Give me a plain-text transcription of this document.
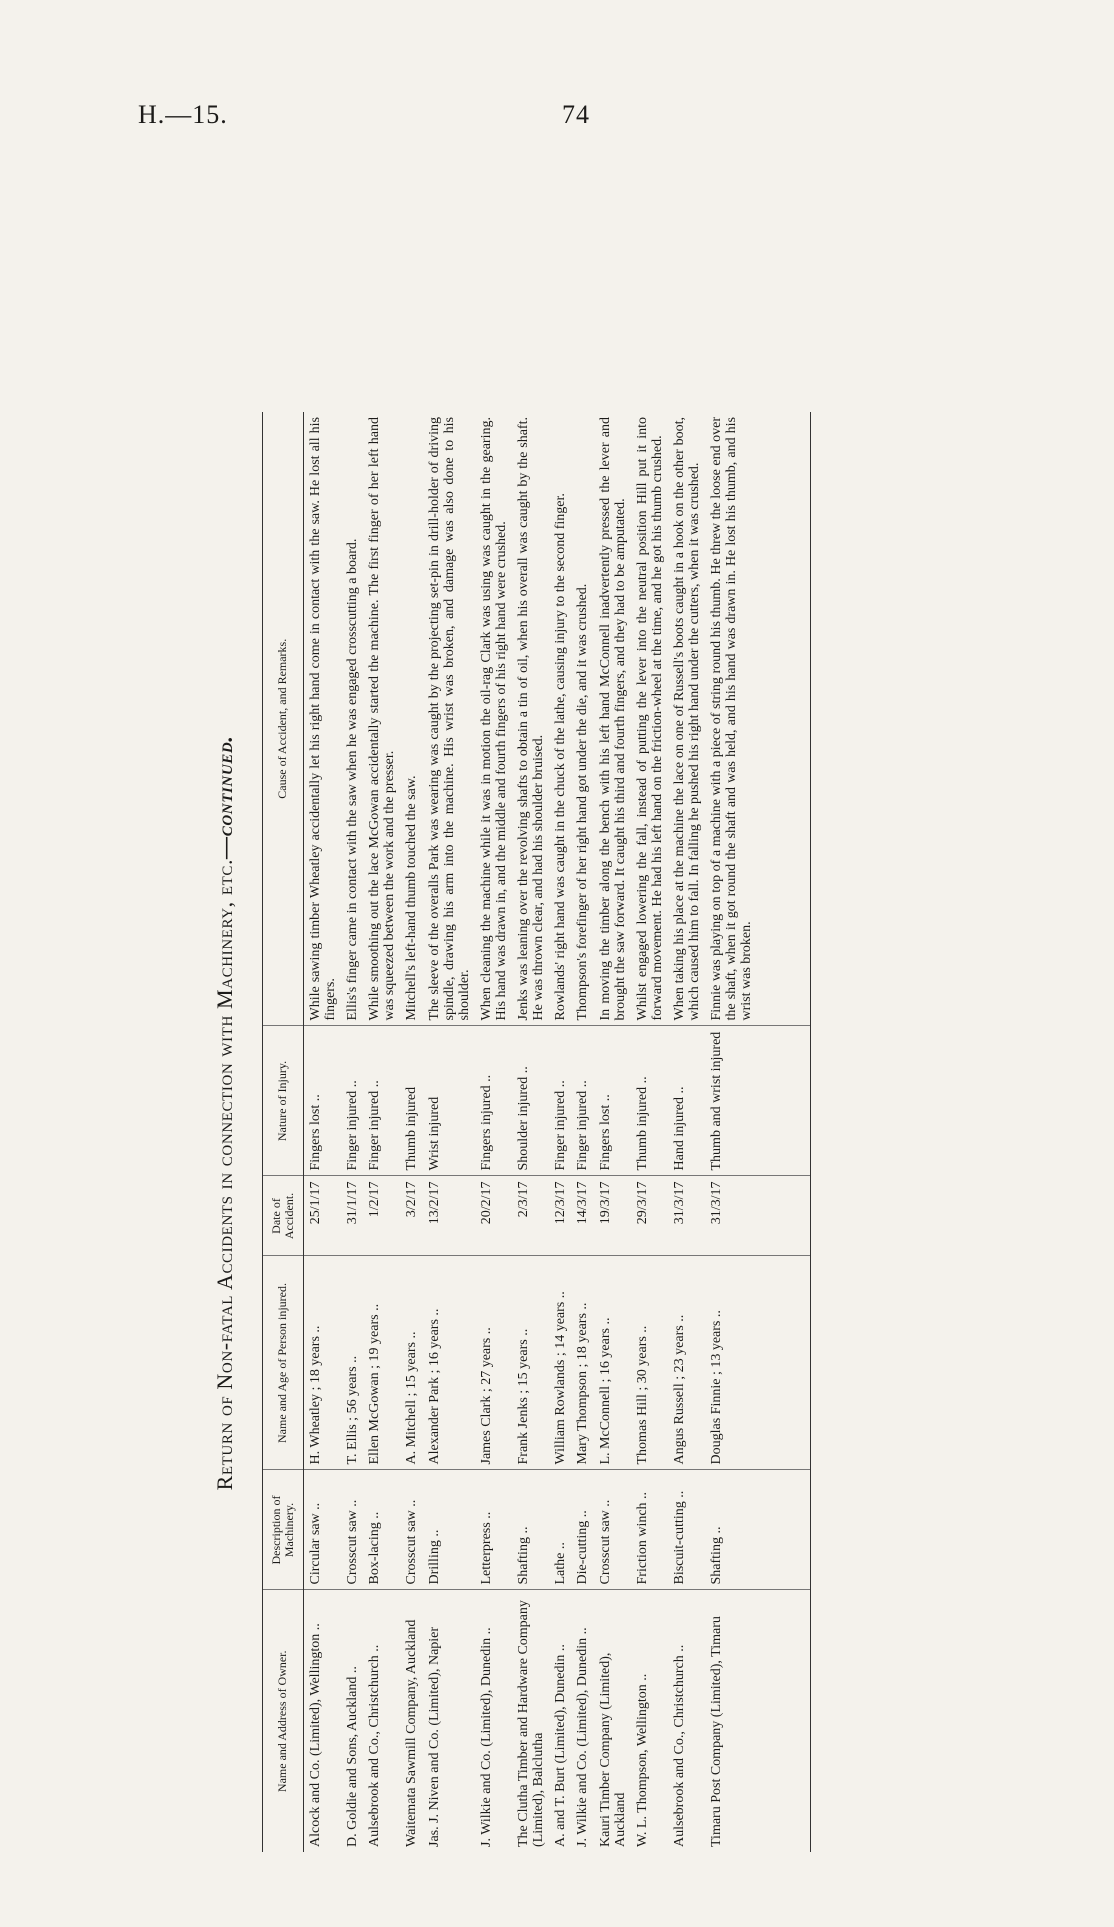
H.—15.	74
Return of Non-fatal Accidents in connection with Machinery, etc.—continued.
Name and Address of Owner.	Description of Machinery.	Name and Age of Person injured.	Date of Accident.	Nature of Injury.	Cause of Accident, and Remarks.
Alcock and Co. (Limited), Wellington ..	Circular saw ..	H. Wheatley ; 18 years ..	25/1/17	Fingers lost ..	While sawing timber Wheatley accidentally let his right hand come in contact with the saw. He lost all his fingers.
D. Goldie and Sons, Auckland ..	Crosscut saw ..	T. Ellis ; 56 years ..	31/1/17	Finger injured ..	Ellis's finger came in contact with the saw when he was engaged crosscutting a board.
Aulsebrook and Co., Christchurch ..	Box-lacing ..	Ellen McGowan ; 19 years ..	1/2/17	Finger injured ..	While smoothing out the lace McGowan accidentally started the machine. The first finger of her left hand was squeezed between the work and the presser.
Waitemata Sawmill Company, Auckland	Crosscut saw ..	A. Mitchell ; 15 years ..	3/2/17	Thumb injured	Mitchell's left-hand thumb touched the saw.
Jas. J. Niven and Co. (Limited), Napier	Drilling ..	Alexander Park ; 16 years ..	13/2/17	Wrist injured	The sleeve of the overalls Park was wearing was caught by the projecting set-pin in drill-holder of driving spindle, drawing his arm into the machine. His wrist was broken, and damage was also done to his shoulder.
J. Wilkie and Co. (Limited), Dunedin ..	Letterpress ..	James Clark ; 27 years ..	20/2/17	Fingers injured ..	When cleaning the machine while it was in motion the oil-rag Clark was using was caught in the gearing. His hand was drawn in, and the middle and fourth fingers of his right hand were crushed.
The Clutha Timber and Hardware Company (Limited), Balclutha	Shafting ..	Frank Jenks ; 15 years ..	2/3/17	Shoulder injured ..	Jenks was leaning over the revolving shafts to obtain a tin of oil, when his overall was caught by the shaft. He was thrown clear, and had his shoulder bruised.
A. and T. Burt (Limited), Dunedin ..	Lathe ..	William Rowlands ; 14 years ..	12/3/17	Finger injured ..	Rowlands' right hand was caught in the chuck of the lathe, causing injury to the second finger.
J. Wilkie and Co. (Limited), Dunedin ..	Die-cutting ..	Mary Thompson ; 18 years ..	14/3/17	Finger injured ..	Thompson's forefinger of her right hand got under the die, and it was crushed.
Kauri Timber Company (Limited), Auckland	Crosscut saw ..	L. McConnell ; 16 years ..	19/3/17	Fingers lost ..	In moving the timber along the bench with his left hand McConnell inadvertently pressed the lever and brought the saw forward. It caught his third and fourth fingers, and they had to be amputated.
W. L. Thompson, Wellington ..	Friction winch ..	Thomas Hill ; 30 years ..	29/3/17	Thumb injured ..	Whilst engaged lowering the fall, instead of putting the lever into the neutral position Hill put it into forward movement. He had his left hand on the friction-wheel at the time, and he got his thumb crushed.
Aulsebrook and Co., Christchurch ..	Biscuit-cutting ..	Angus Russell ; 23 years ..	31/3/17	Hand injured ..	When taking his place at the machine the lace on one of Russell's boots caught in a hook on the other boot, which caused him to fall. In falling he pushed his right hand under the cutters, when it was crushed.
Timaru Post Company (Limited), Timaru	Shafting ..	Douglas Finnie ; 13 years ..	31/3/17	Thumb and wrist injured	Finnie was playing on top of a machine with a piece of string round his thumb. He threw the loose end over the shaft, when it got round the shaft and was held, and his hand was drawn in. He lost his thumb, and his wrist was broken.
